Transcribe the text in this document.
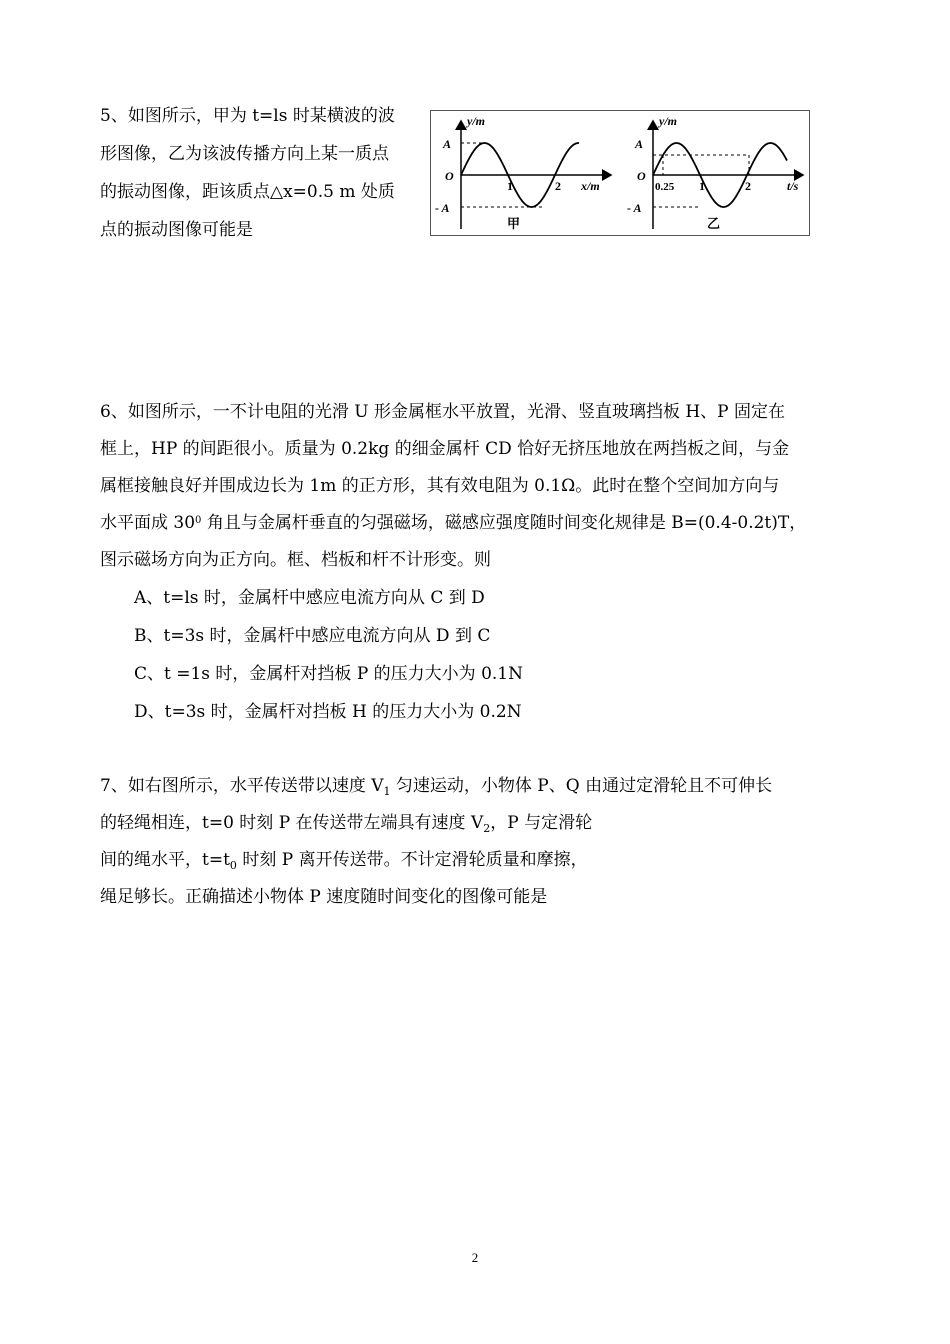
5、如图所示，甲为 t=ls 时某横波的波
形图像，乙为该波传播方向上某一质点
的振动图像，距该质点△x=0.5 m 处质
点的振动图像可能是
y/m
x/m
A
- A
O
1	2
甲
y/m
t/s
A
- A
O
0.25 1	2
乙
6、如图所示，一不计电阻的光滑 U 形金属框水平放置，光滑、竖直玻璃挡板 H、P 固定在
框上，HP 的间距很小。质量为 0.2kg 的细金属杆 CD 恰好无挤压地放在两挡板之间，与金
属框接触良好并围成边长为 1m 的正方形，其有效电阻为 0.1Ω。此时在整个空间加方向与
水平面成 $30^0$ 角且与金属杆垂直的匀强磁场，磁感应强度随时间变化规律是 B=(0.4-0.2t)T，
图示磁场方向为正方向。框、档板和杆不计形变。则
A、t=ls 时，金属杆中感应电流方向从 C 到 D
B、t=3s 时，金属杆中感应电流方向从 D 到 C
C、t =1s 时，金属杆对挡板 P 的压力大小为 0.1N
D、t=3s 时，金属杆对挡板 H 的压力大小为 0.2N
7、如右图所示，水平传送带以速度 $V_1$ 匀速运动，小物体 P、Q 由通过定滑轮且不可伸长
的轻绳相连，t=0 时刻 P 在传送带左端具有速度 $V_2$，P 与定滑轮
间的绳水平，$t=t_0$ 时刻 P 离开传送带。不计定滑轮质量和摩擦，
绳足够长。正确描述小物体 P 速度随时间变化的图像可能是
2
